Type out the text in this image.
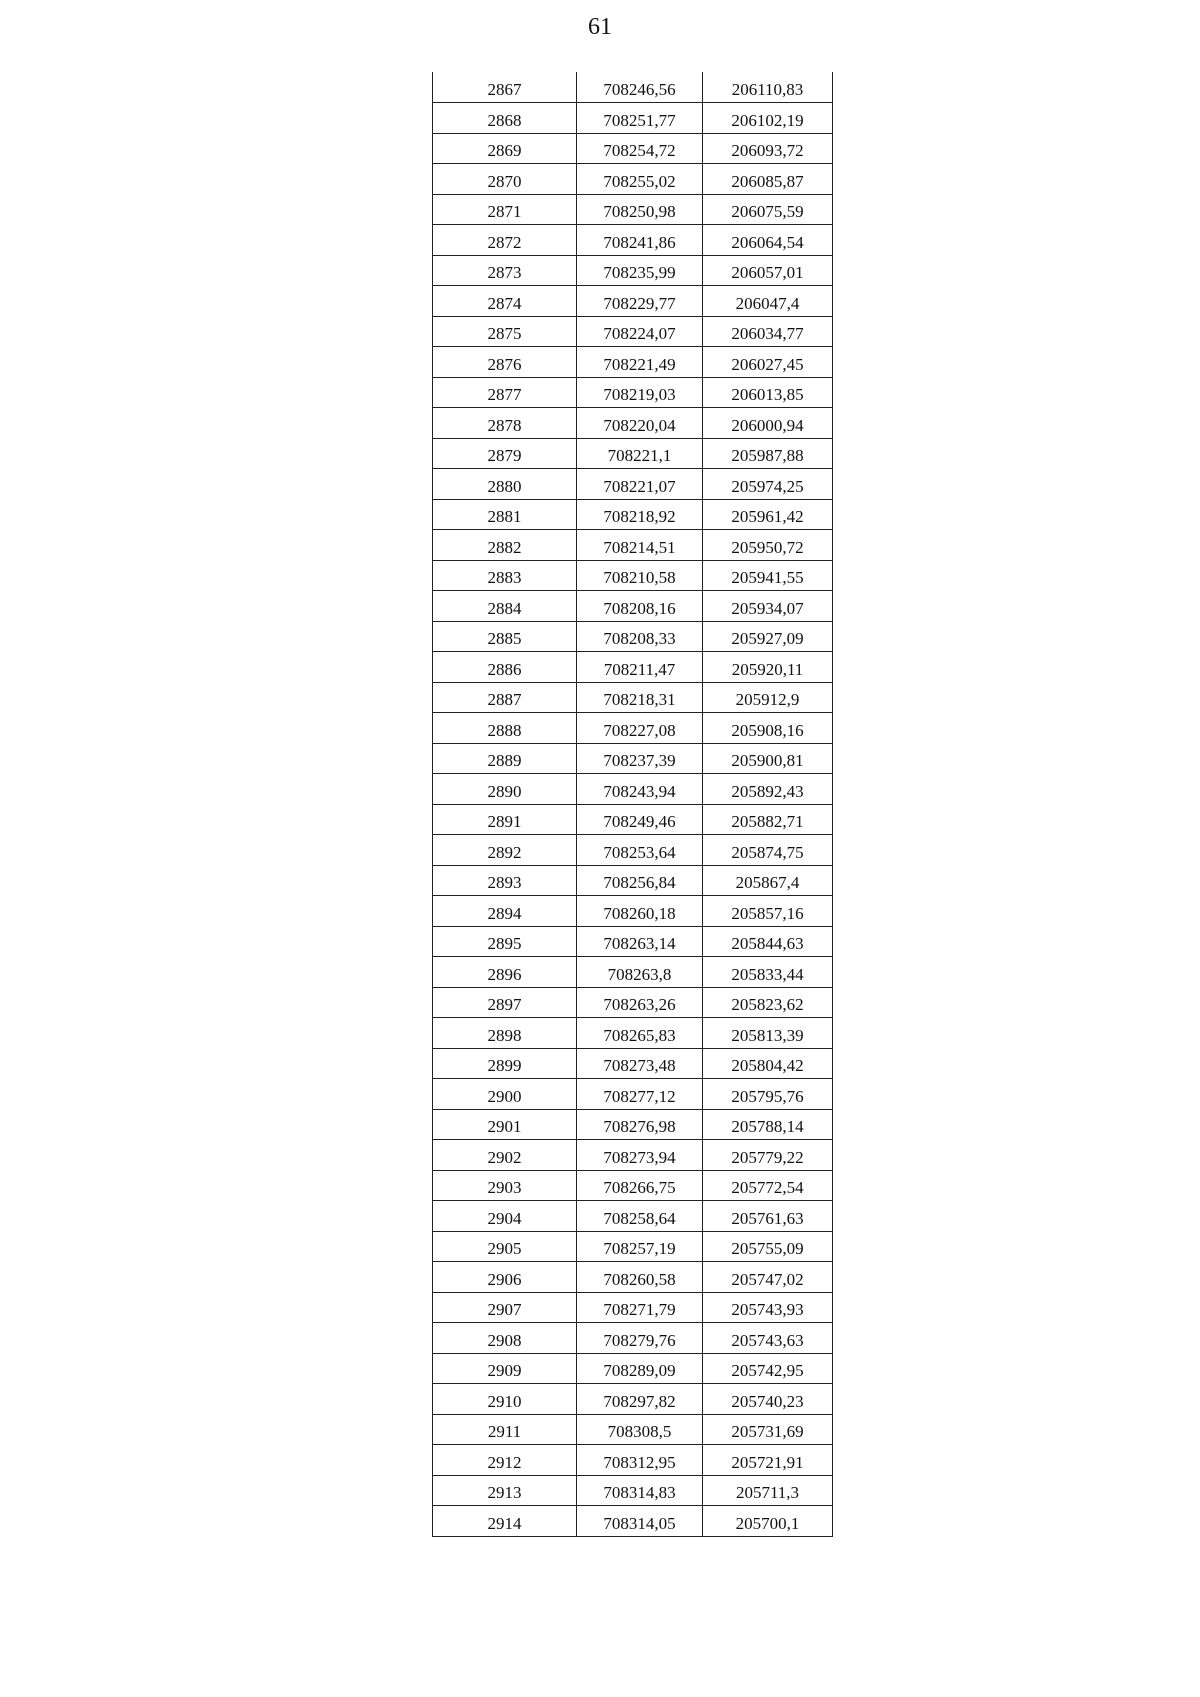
61
2867	708246,56	206110,83
2868	708251,77	206102,19
2869	708254,72	206093,72
2870	708255,02	206085,87
2871	708250,98	206075,59
2872	708241,86	206064,54
2873	708235,99	206057,01
2874	708229,77	206047,4
2875	708224,07	206034,77
2876	708221,49	206027,45
2877	708219,03	206013,85
2878	708220,04	206000,94
2879	708221,1	205987,88
2880	708221,07	205974,25
2881	708218,92	205961,42
2882	708214,51	205950,72
2883	708210,58	205941,55
2884	708208,16	205934,07
2885	708208,33	205927,09
2886	708211,47	205920,11
2887	708218,31	205912,9
2888	708227,08	205908,16
2889	708237,39	205900,81
2890	708243,94	205892,43
2891	708249,46	205882,71
2892	708253,64	205874,75
2893	708256,84	205867,4
2894	708260,18	205857,16
2895	708263,14	205844,63
2896	708263,8	205833,44
2897	708263,26	205823,62
2898	708265,83	205813,39
2899	708273,48	205804,42
2900	708277,12	205795,76
2901	708276,98	205788,14
2902	708273,94	205779,22
2903	708266,75	205772,54
2904	708258,64	205761,63
2905	708257,19	205755,09
2906	708260,58	205747,02
2907	708271,79	205743,93
2908	708279,76	205743,63
2909	708289,09	205742,95
2910	708297,82	205740,23
2911	708308,5	205731,69
2912	708312,95	205721,91
2913	708314,83	205711,3
2914	708314,05	205700,1
